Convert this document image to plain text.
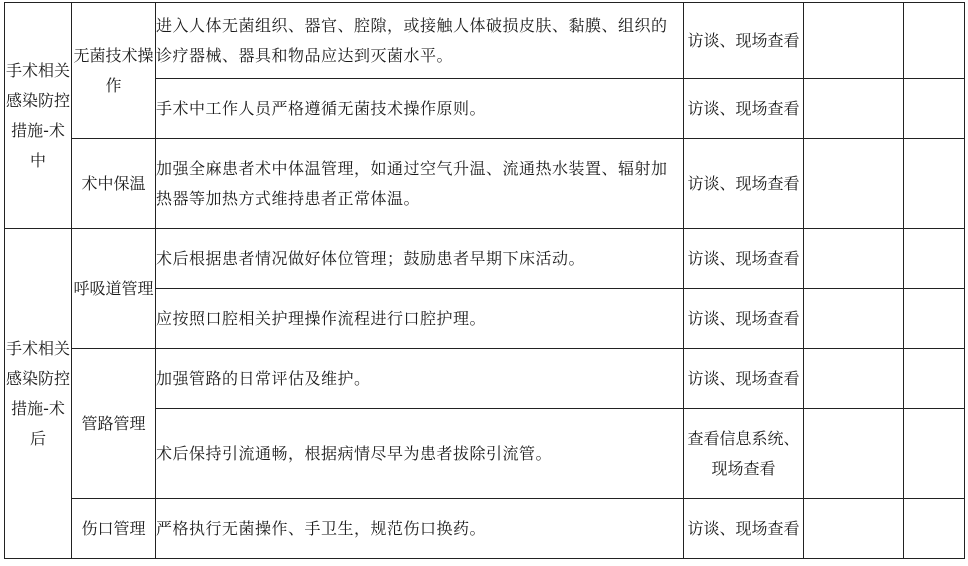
手术相关感染防控措施-术中	无菌技术操作	进入人体无菌组织、器官、腔隙，或接触人体破损皮肤、黏膜、组织的诊疗器械、器具和物品应达到灭菌水平。	访谈、现场查看		

		手术中工作人员严格遵循无菌技术操作原则。	访谈、现场查看		

	术中保温	加强全麻患者术中体温管理，如通过空气升温、流通热水装置、辐射加热器等加热方式维持患者正常体温。	访谈、现场查看		

手术相关感染防控措施-术后	呼吸道管理	术后根据患者情况做好体位管理；鼓励患者早期下床活动。	访谈、现场查看		

		应按照口腔相关护理操作流程进行口腔护理。	访谈、现场查看		

	管路管理	加强管路的日常评估及维护。	访谈、现场查看		

		术后保持引流通畅，根据病情尽早为患者拔除引流管。	查看信息系统、现场查看		

	伤口管理	严格执行无菌操作、手卫生，规范伤口换药。	访谈、现场查看		
